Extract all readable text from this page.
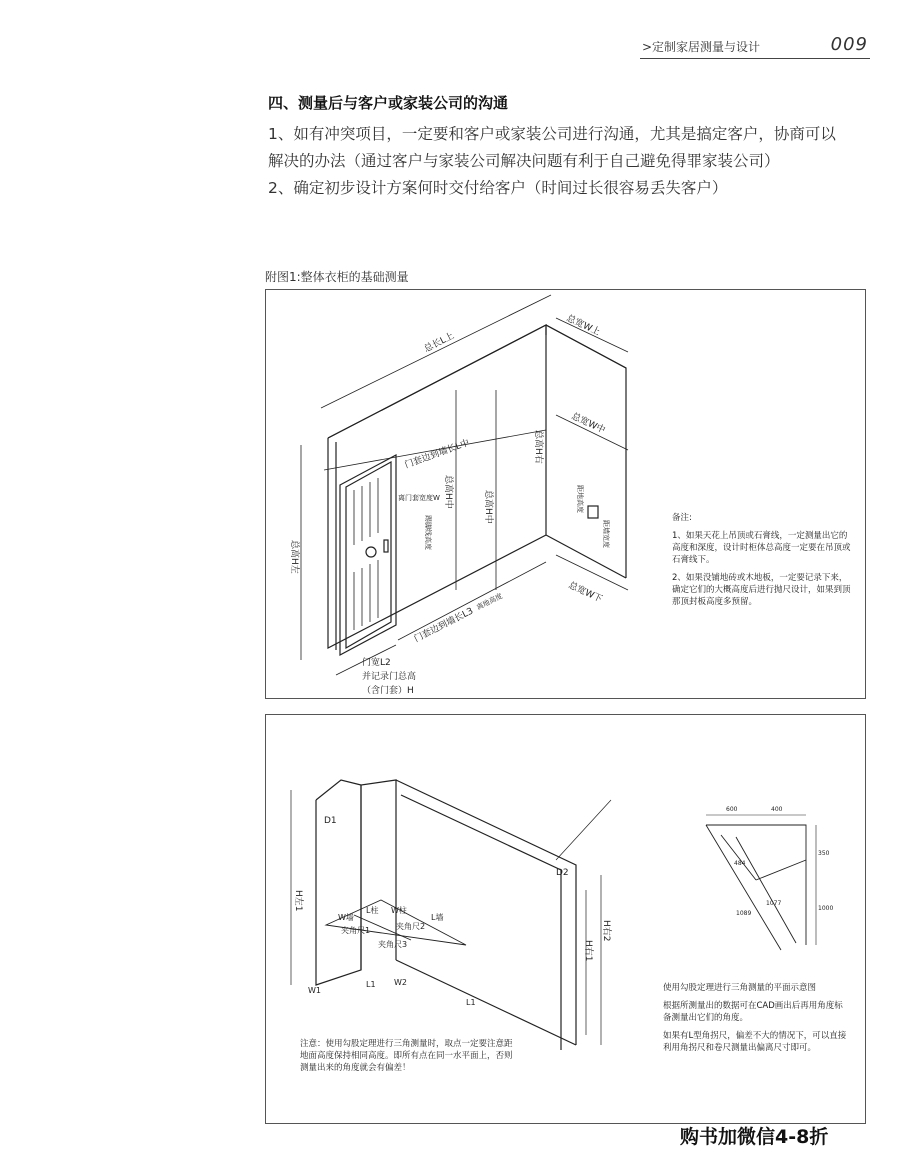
>定制家居测量与设计	009
四、测量后与客户或家装公司的沟通

1、如有冲突项目，一定要和客户或家装公司进行沟通，尤其是搞定客户，协商可以解决的办法（通过客户与家装公司解决问题有利于自己避免得罪家装公司）

2、确定初步设计方案何时交付给客户（时间过长很容易丢失客户）

附图1:整体衣柜的基础测量
总长L上
总宽W上
门套边到墙长L中
总宽W中
总高H右
总高H中	总高H中
总高H左
门套边到墙长L3
总宽W下
离门套宽度W	距地高度
距墙宽度
踢脚线高度
离地高度
门宽L2
并记录门总高
（含门套）H

备注:

1、如果天花上吊顶或石膏线，一定测量出它的高度和深度，设计时柜体总高度一定要在吊顶或石膏线下。

2、如果没铺地砖或木地板，一定要记录下来，确定它们的大概高度后进行抛尺设计，如果到顶那顶封板高度多预留。

D1
D2
H左1
H右1
H右2
W墙
L柱 W柱
L墙
夹角尺1	夹角尺2
夹角尺3
W1
L1 W2
L1
600	400
350
1000
484
1077
1089
注意：使用勾股定理进行三角测量时，取点一定要注意距地面高度保持相同高度。即所有点在同一水平面上，否则测量出来的角度就会有偏差！

使用勾股定理进行三角测量的平面示意图

根据所测量出的数据可在CAD画出后再用角度标备测量出它们的角度。

如果有L型角拐尺，偏差不大的情况下，可以直接利用角拐尺和卷尺测量出偏离尺寸即可。

购书加微信4-8折
